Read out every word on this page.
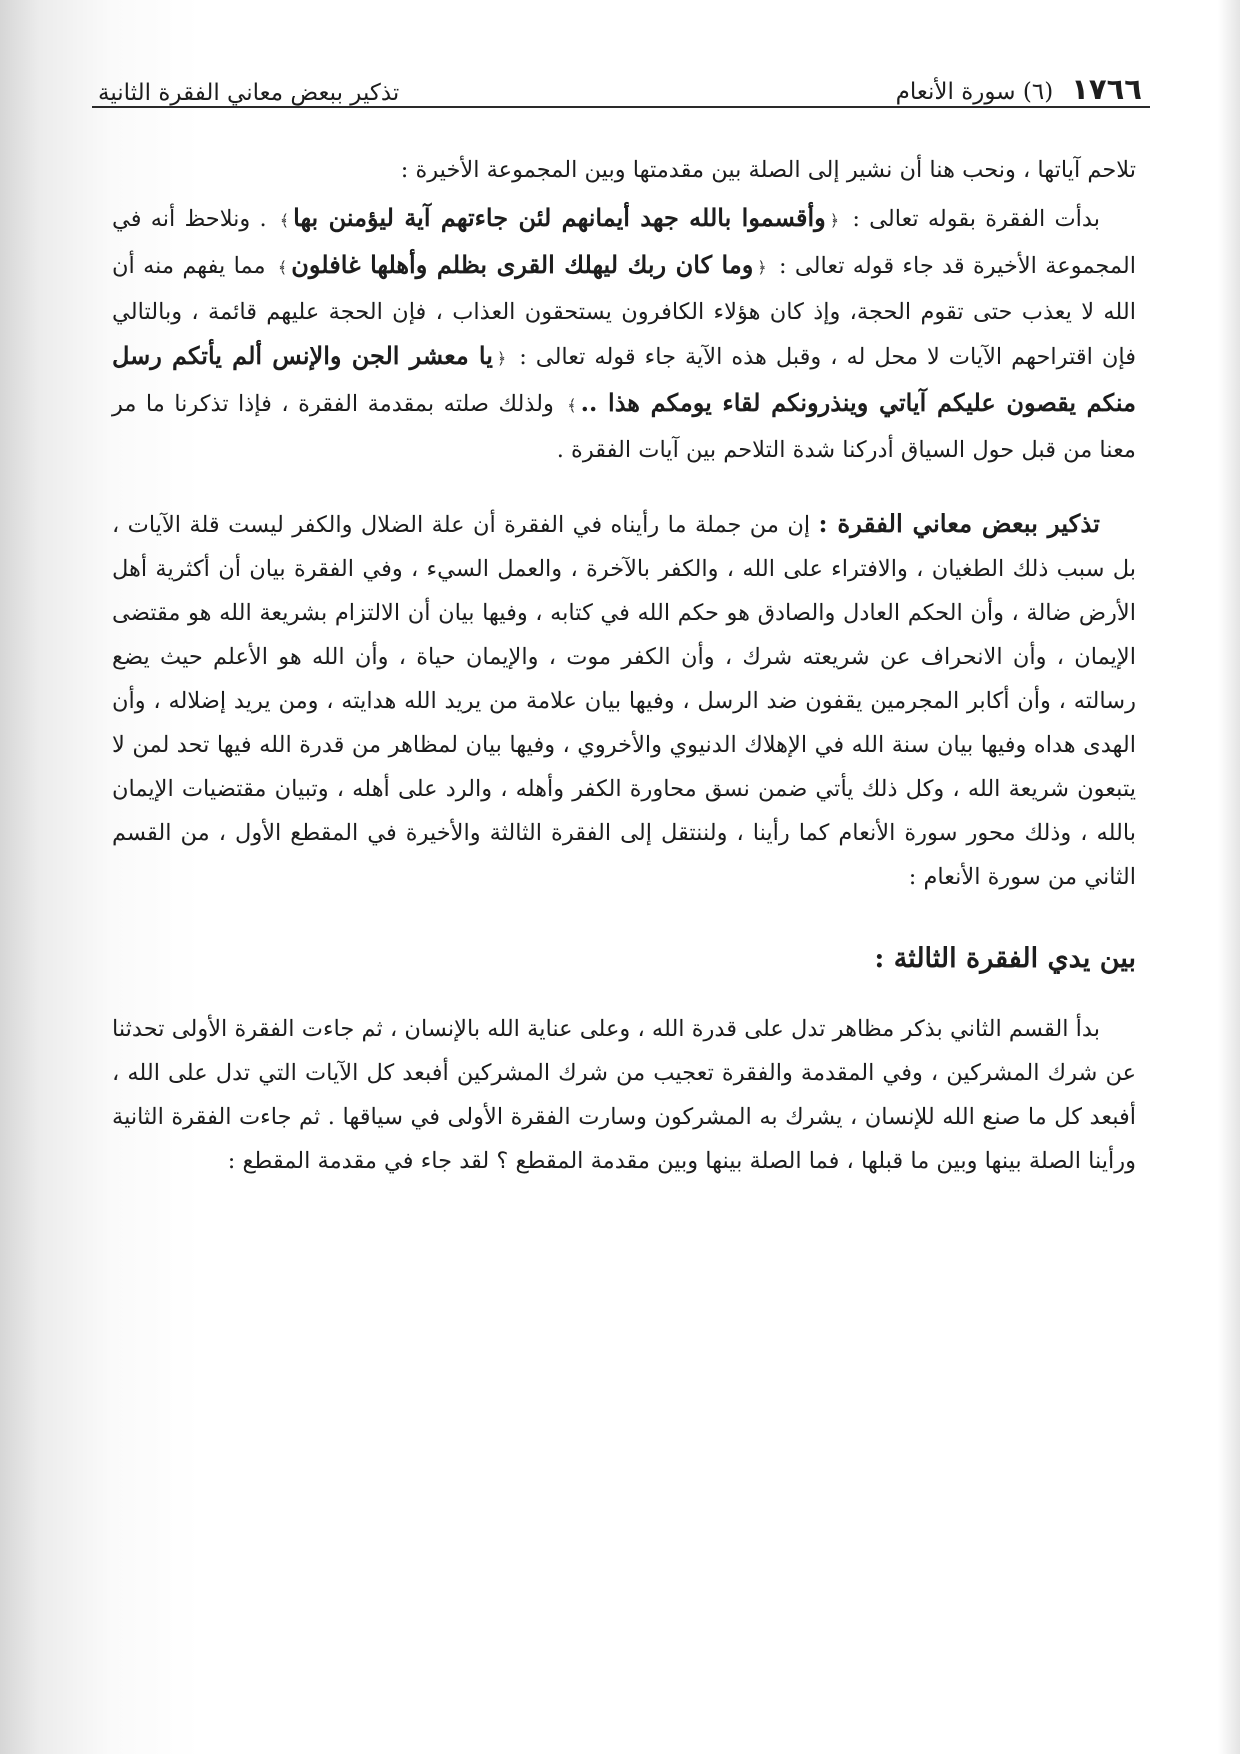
١٧٦٦
(٦) سورة الأنعام
تذكير ببعض معاني الفقرة الثانية

تلاحم آياتها ، ونحب هنا أن نشير إلى الصلة بين مقدمتها وبين المجموعة الأخيرة :

بدأت الفقرة بقوله تعالى : ﴿وأقسموا بالله جهد أيمانهم لئن جاءتهم آية ليؤمنن بها﴾ . ونلاحظ أنه في المجموعة الأخيرة قد جاء قوله تعالى : ﴿وما كان ربك ليهلك القرى بظلم وأهلها غافلون﴾ مما يفهم منه أن الله لا يعذب حتى تقوم الحجة، وإذ كان هؤلاء الكافرون يستحقون العذاب ، فإن الحجة عليهم قائمة ، وبالتالي فإن اقتراحهم الآيات لا محل له ، وقبل هذه الآية جاء قوله تعالى : ﴿يا معشر الجن والإنس ألم يأتكم رسل منكم يقصون عليكم آياتي وينذرونكم لقاء يومكم هذا ..﴾ ولذلك صلته بمقدمة الفقرة ، فإذا تذكرنا ما مر معنا من قبل حول السياق أدركنا شدة التلاحم بين آيات الفقرة .

تذكير ببعض معاني الفقرة : إن من جملة ما رأيناه في الفقرة أن علة الضلال والكفر ليست قلة الآيات ، بل سبب ذلك الطغيان ، والافتراء على الله ، والكفر بالآخرة ، والعمل السيء ، وفي الفقرة بيان أن أكثرية أهل الأرض ضالة ، وأن الحكم العادل والصادق هو حكم الله في كتابه ، وفيها بيان أن الالتزام بشريعة الله هو مقتضى الإيمان ، وأن الانحراف عن شريعته شرك ، وأن الكفر موت ، والإيمان حياة ، وأن الله هو الأعلم حيث يضع رسالته ، وأن أكابر المجرمين يقفون ضد الرسل ، وفيها بيان علامة من يريد الله هدايته ، ومن يريد إضلاله ، وأن الهدى هداه وفيها بيان سنة الله في الإهلاك الدنيوي والأخروي ، وفيها بيان لمظاهر من قدرة الله فيها تحد لمن لا يتبعون شريعة الله ، وكل ذلك يأتي ضمن نسق محاورة الكفر وأهله ، والرد على أهله ، وتبيان مقتضيات الإيمان بالله ، وذلك محور سورة الأنعام كما رأينا ، ولننتقل إلى الفقرة الثالثة والأخيرة في المقطع الأول ، من القسم الثاني من سورة الأنعام :

بين يدي الفقرة الثالثة :

بدأ القسم الثاني بذكر مظاهر تدل على قدرة الله ، وعلى عناية الله بالإنسان ، ثم جاءت الفقرة الأولى تحدثنا عن شرك المشركين ، وفي المقدمة والفقرة تعجيب من شرك المشركين أفبعد كل الآيات التي تدل على الله ، أفبعد كل ما صنع الله للإنسان ، يشرك به المشركون وسارت الفقرة الأولى في سياقها . ثم جاءت الفقرة الثانية ورأينا الصلة بينها وبين ما قبلها ، فما الصلة بينها وبين مقدمة المقطع ؟ لقد جاء في مقدمة المقطع :
